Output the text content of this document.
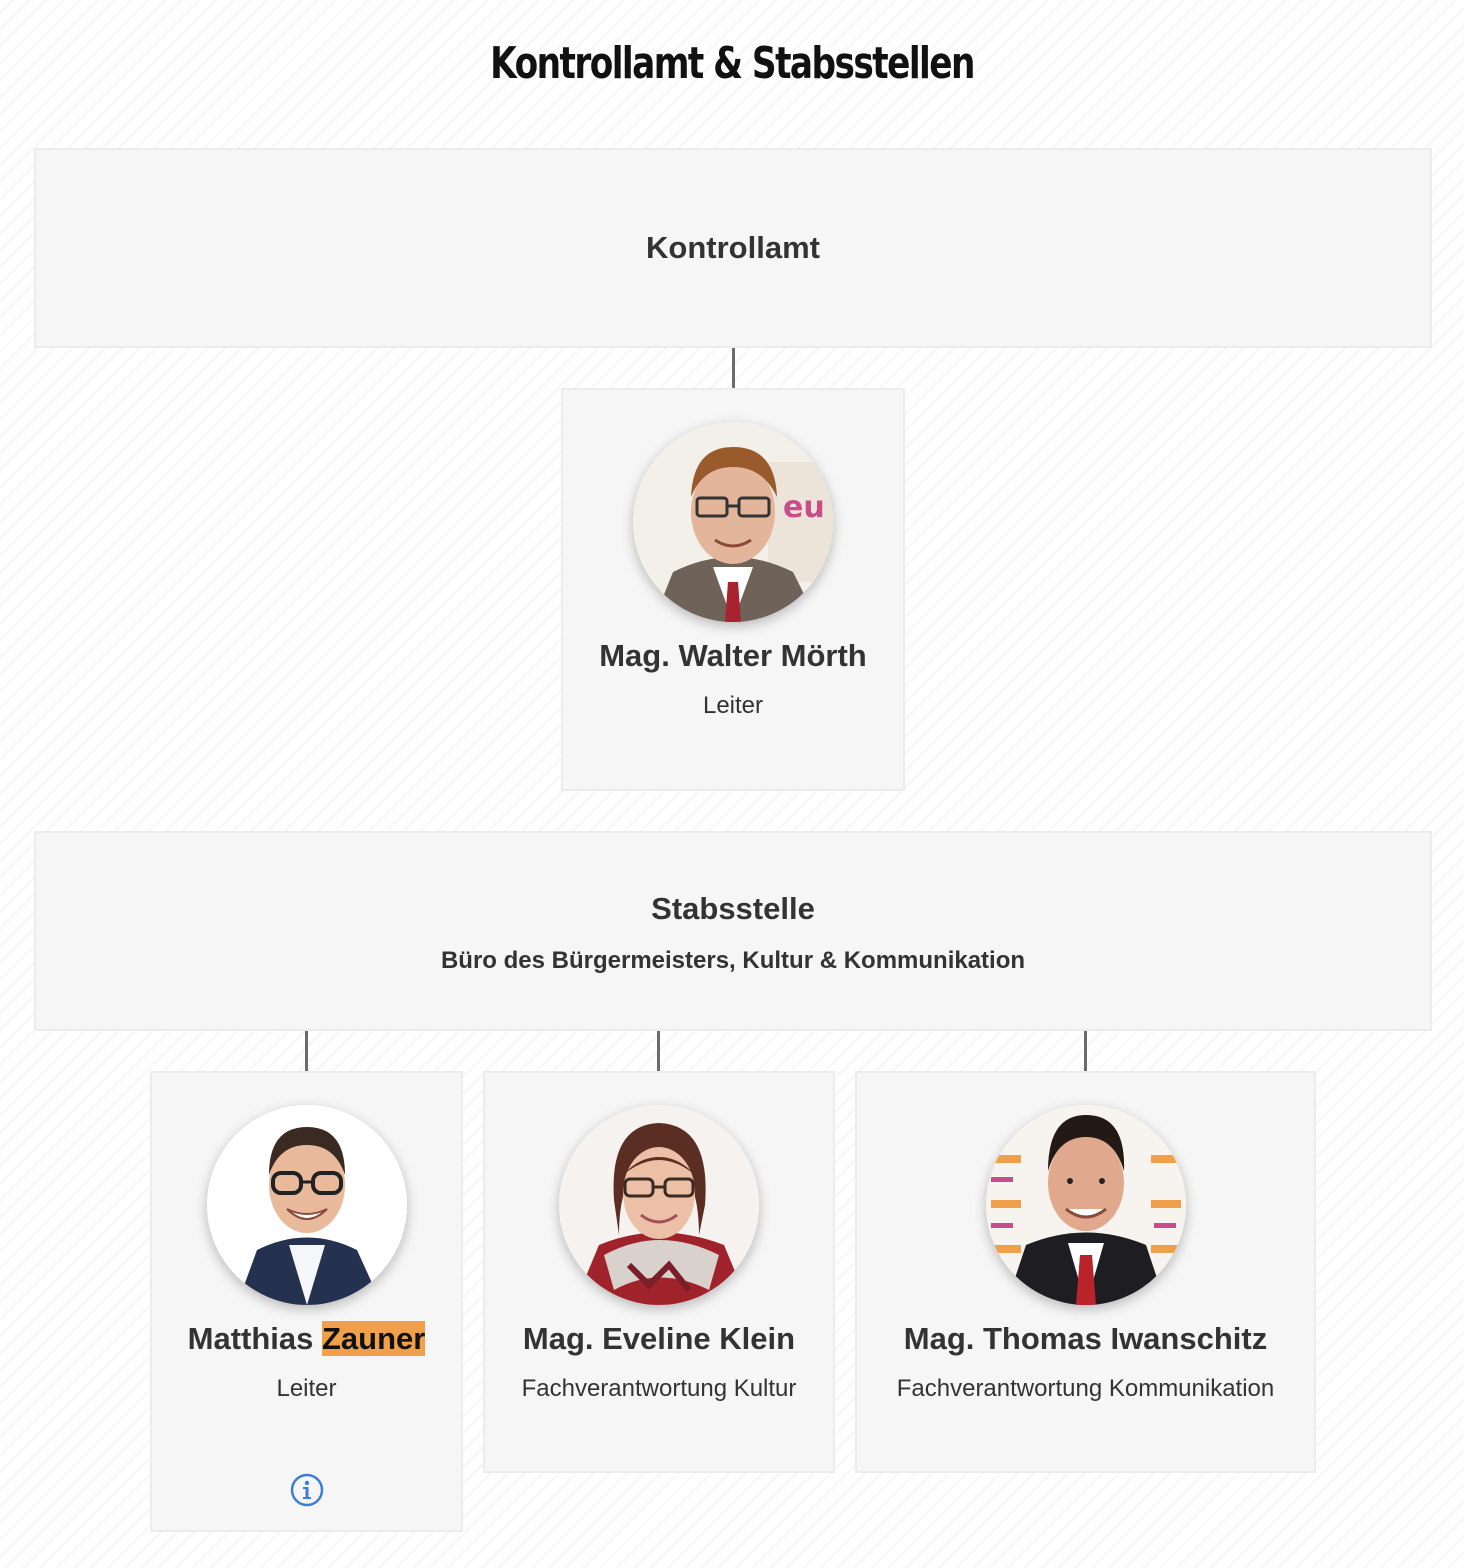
Kontrollamt & Stabsstellen
Kontrollamt
eu
Mag. Walter Mörth
Leiter
Stabsstelle
Büro des Bürgermeisters, Kultur & Kommunikation
Matthias Zauner
Leiter
Mag. Eveline Klein
Fachverantwortung Kultur
Mag. Thomas Iwanschitz
Fachverantwortung Kommunikation
